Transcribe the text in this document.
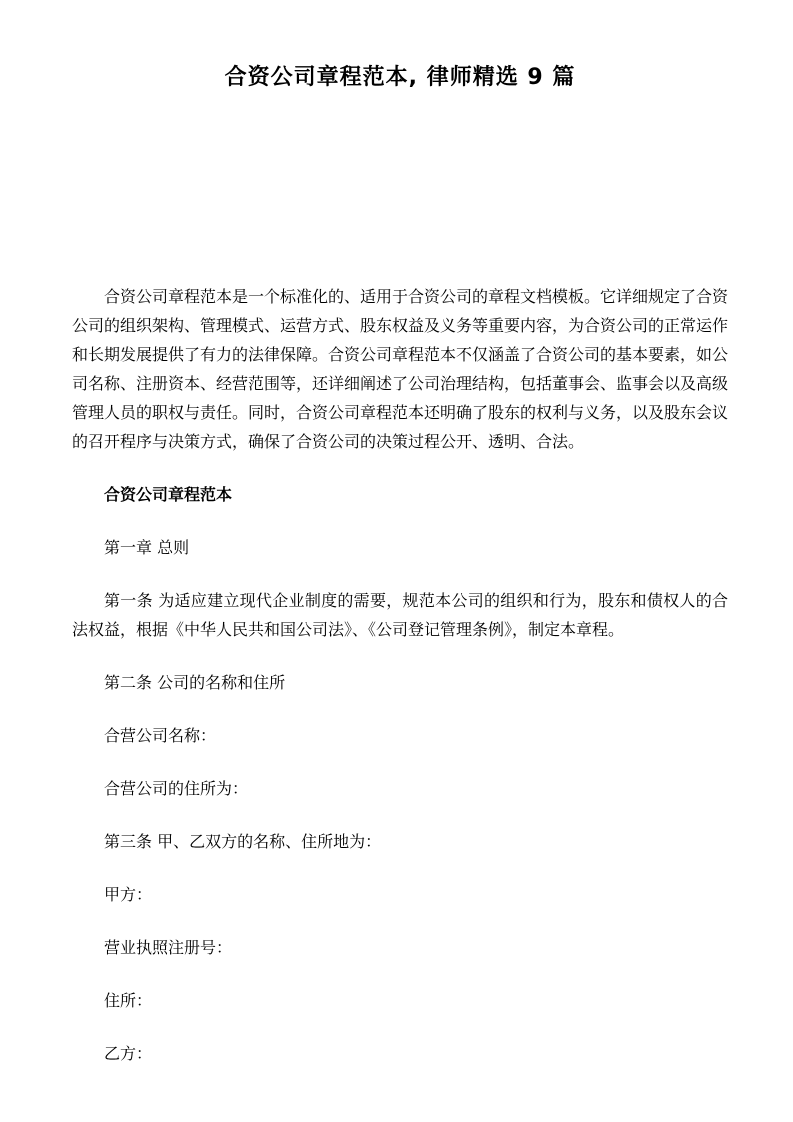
合资公司章程范本, 律师精选 9 篇

合资公司章程范本是一个标准化的、适用于合资公司的章程文档模板。它详细规定了合资公司的组织架构、管理模式、运营方式、股东权益及义务等重要内容，为合资公司的正常运作和长期发展提供了有力的法律保障。合资公司章程范本不仅涵盖了合资公司的基本要素，如公司名称、注册资本、经营范围等，还详细阐述了公司治理结构，包括董事会、监事会以及高级管理人员的职权与责任。同时，合资公司章程范本还明确了股东的权利与义务，以及股东会议的召开程序与决策方式，确保了合资公司的决策过程公开、透明、合法。

合资公司章程范本

第一章 总则

第一条 为适应建立现代企业制度的需要，规范本公司的组织和行为，股东和债权人的合法权益，根据《中华人民共和国公司法》、《公司登记管理条例》，制定本章程。

第二条 公司的名称和住所

合营公司名称：

合营公司的住所为：

第三条 甲、乙双方的名称、住所地为：

甲方：

营业执照注册号：

住所：

乙方：
